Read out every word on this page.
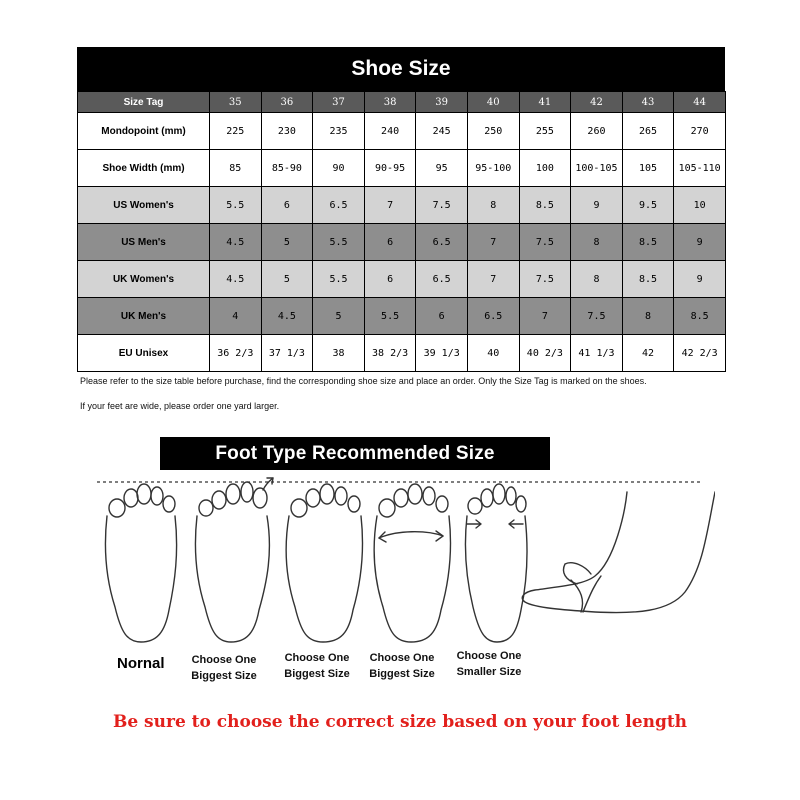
Shoe Size
Size Tag	35	36	37	38	39	40	41	42	43	44
Mondopoint (mm)	225	230	235	240	245	250	255	260	265	270
Shoe Width (mm)	85	85-90	90	90-95	95	95-100	100	100-105	105	105-110
US Women's	5.5	6	6.5	7	7.5	8	8.5	9	9.5	10
US Men's	4.5	5	5.5	6	6.5	7	7.5	8	8.5	9
UK Women's	4.5	5	5.5	6	6.5	7	7.5	8	8.5	9
UK Men's	4	4.5	5	5.5	6	6.5	7	7.5	8	8.5
EU Unisex	36 2/3	37 1/3	38	38 2/3	39 1/3	40	40 2/3	41 1/3	42	42 2/3
Please refer to the size table before purchase, find the corresponding shoe size and place an order. Only the Size Tag is marked on the shoes.
If your feet are wide, please order one yard larger.
Foot Type Recommended Size
Nornal	Choose One
Biggest Size
Choose One
Biggest Size
Choose One
Biggest Size
Choose One
Smaller Size
Be sure to choose the correct size based on your foot length
